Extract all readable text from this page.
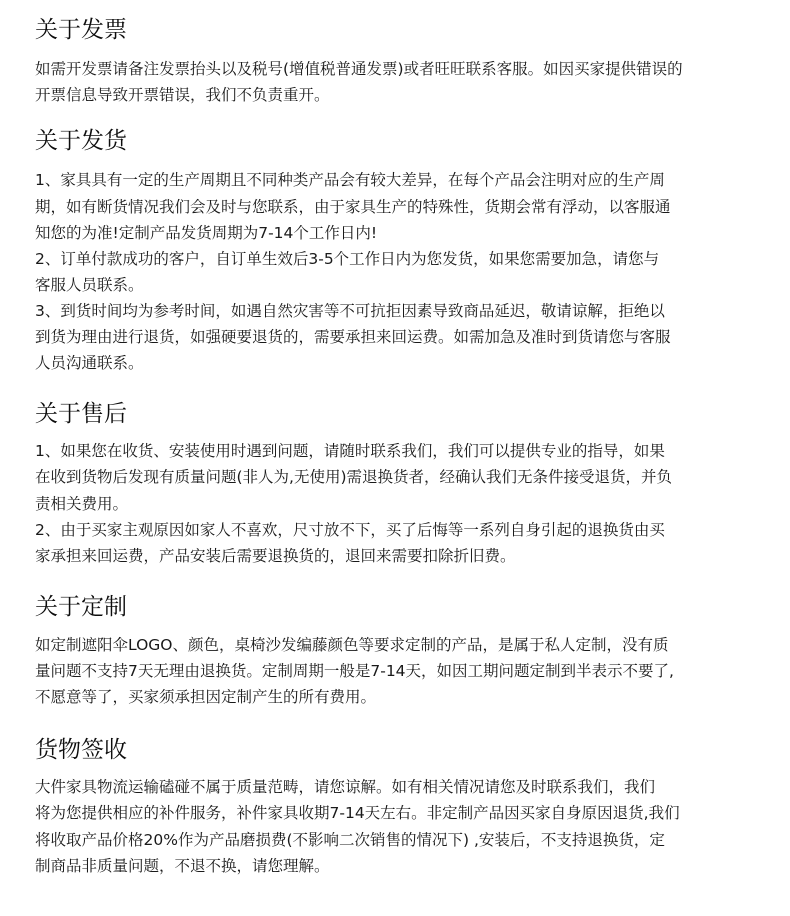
关于发票
如需开发票请备注发票抬头以及税号(增值税普通发票)或者旺旺联系客服。如因买家提供错误的
开票信息导致开票错误，我们不负责重开。
关于发货
1、家具具有一定的生产周期且不同种类产品会有较大差异，在每个产品会注明对应的生产周
期，如有断货情况我们会及时与您联系，由于家具生产的特殊性，货期会常有浮动，以客服通
知您的为准!定制产品发货周期为7-14个工作日内!
2、订单付款成功的客户，自订单生效后3-5个工作日内为您发货，如果您需要加急，请您与
客服人员联系。
3、到货时间均为参考时间，如遇自然灾害等不可抗拒因素导致商品延迟，敬请谅解，拒绝以
到货为理由进行退货，如强硬要退货的，需要承担来回运费。如需加急及准时到货请您与客服
人员沟通联系。
关于售后
1、如果您在收货、安装使用时遇到问题，请随时联系我们，我们可以提供专业的指导，如果
在收到货物后发现有质量问题(非人为,无使用)需退换货者，经确认我们无条件接受退货，并负
责相关费用。
2、由于买家主观原因如家人不喜欢，尺寸放不下，买了后悔等一系列自身引起的退换货由买
家承担来回运费，产品安装后需要退换货的，退回来需要扣除折旧费。
关于定制
如定制遮阳伞LOGO、颜色，桌椅沙发编藤颜色等要求定制的产品，是属于私人定制，没有质
量问题不支持7天无理由退换货。定制周期一般是7-14天，如因工期问题定制到半表示不要了,
不愿意等了，买家须承担因定制产生的所有费用。
货物签收
大件家具物流运输磕碰不属于质量范畴，请您谅解。如有相关情况请您及时联系我们，我们
将为您提供相应的补件服务，补件家具收期7-14天左右。非定制产品因买家自身原因退货,我们
将收取产品价格20%作为产品磨损费(不影响二次销售的情况下) ,安装后，不支持退换货，定
制商品非质量问题，不退不换，请您理解。
